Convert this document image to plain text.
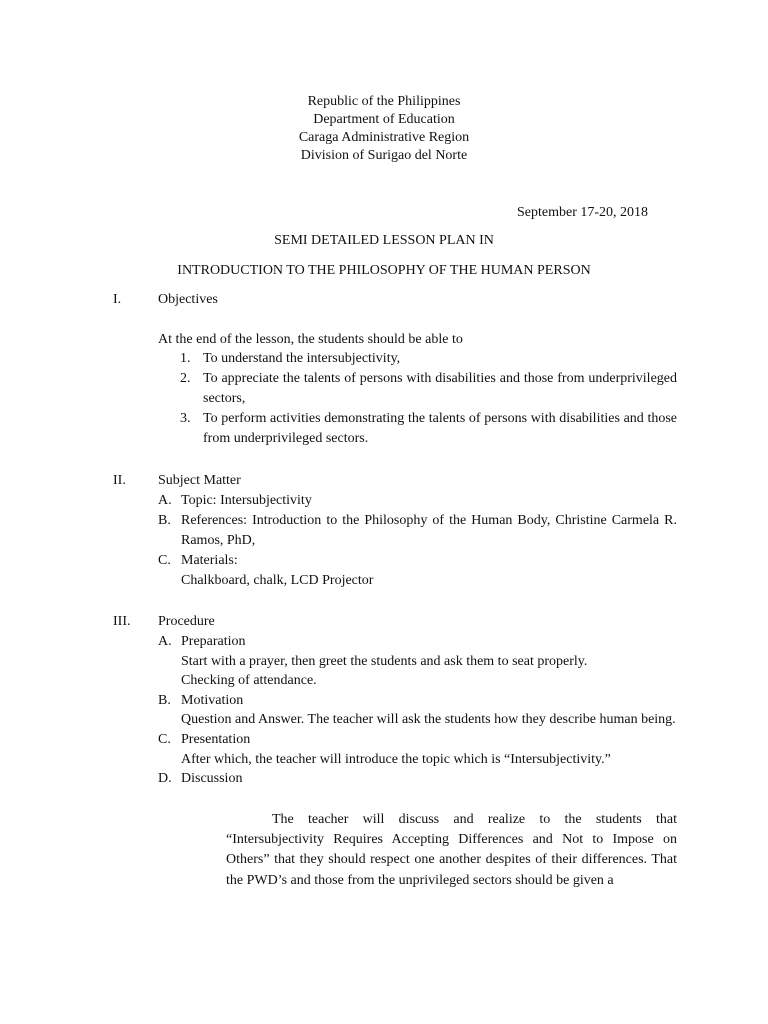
Republic of the Philippines
Department of Education
Caraga Administrative Region
Division of Surigao del Norte
September 17-20, 2018
SEMI DETAILED LESSON PLAN IN
INTRODUCTION TO THE PHILOSOPHY OF THE HUMAN PERSON
I.	Objectives
At the end of the lesson, the students should be able to
1. To understand the intersubjectivity,
2. To appreciate the talents of persons with disabilities and those from underprivileged sectors,
3. To perform activities demonstrating the talents of persons with disabilities and those from underprivileged sectors.
II. Subject Matter
A. Topic: Intersubjectivity
B. References: Introduction to the Philosophy of the Human Body, Christine Carmela R. Ramos, PhD,
C. Materials:
Chalkboard, chalk, LCD Projector
III. Procedure
A. Preparation
Start with a prayer, then greet the students and ask them to seat properly.
Checking of attendance.
B. Motivation
Question and Answer. The teacher will ask the students how they describe human being.
C. Presentation
After which, the teacher will introduce the topic which is “Intersubjectivity.”
D. Discussion
The teacher will discuss and realize to the students that “Intersubjectivity Requires Accepting Differences and Not to Impose on Others” that they should respect one another despites of their differences. That the PWD’s and those from the unprivileged sectors should be given a
